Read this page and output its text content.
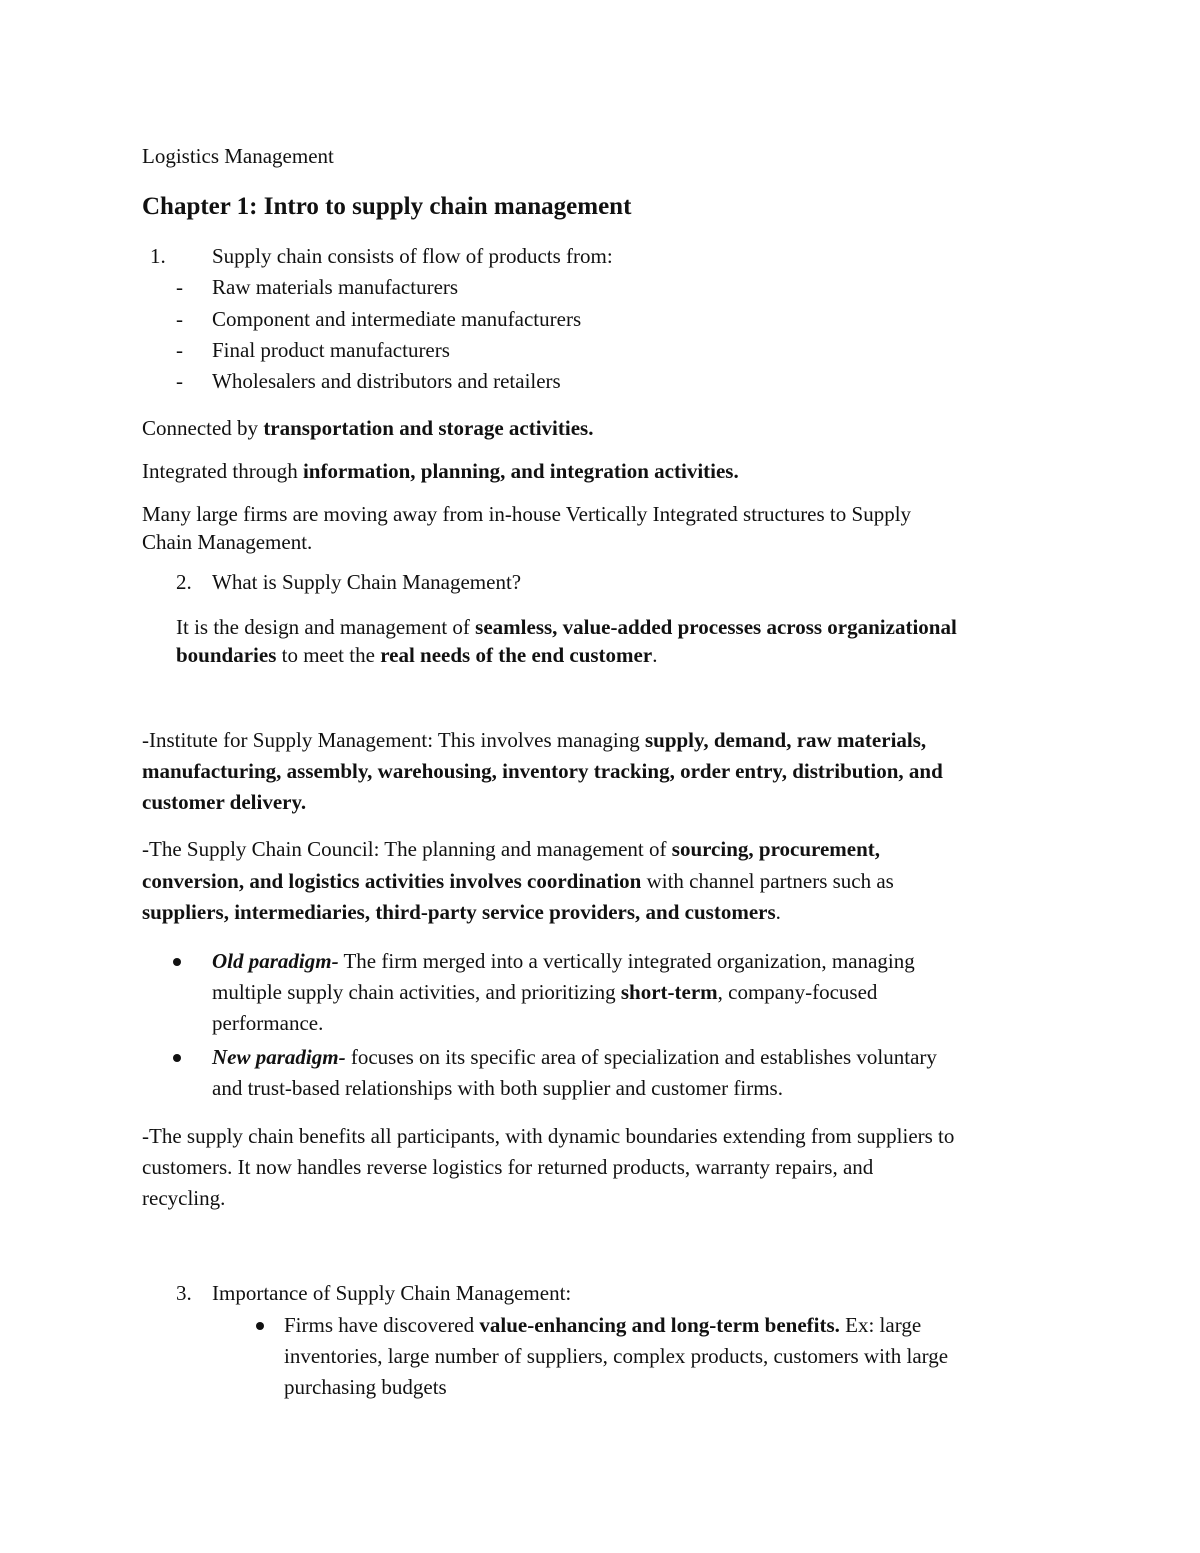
Logistics Management

Chapter 1: Intro to supply chain management

1. Supply chain consists of flow of products from:

- Raw materials manufacturers

- Component and intermediate manufacturers

- Final product manufacturers

- Wholesalers and distributors and retailers

Connected by transportation and storage activities.

Integrated through information, planning, and integration activities.

Many large firms are moving away from in-house Vertically Integrated structures to Supply

Chain Management.

2. What is Supply Chain Management?

It is the design and management of seamless, value-added processes across organizational

boundaries to meet the real needs of the end customer.

-Institute for Supply Management: This involves managing supply, demand, raw materials,

manufacturing, assembly, warehousing, inventory tracking, order entry, distribution, and

customer delivery.

-The Supply Chain Council: The planning and management of sourcing, procurement,

conversion, and logistics activities involves coordination with channel partners such as

suppliers, intermediaries, third-party service providers, and customers.

Old paradigm- The firm merged into a vertically integrated organization, managing

multiple supply chain activities, and prioritizing short-term, company-focused

performance.

New paradigm- focuses on its specific area of specialization and establishes voluntary

and trust-based relationships with both supplier and customer firms.

-The supply chain benefits all participants, with dynamic boundaries extending from suppliers to

customers. It now handles reverse logistics for returned products, warranty repairs, and

recycling.

3. Importance of Supply Chain Management:

Firms have discovered value-enhancing and long-term benefits. Ex: large

inventories, large number of suppliers, complex products, customers with large

purchasing budgets
